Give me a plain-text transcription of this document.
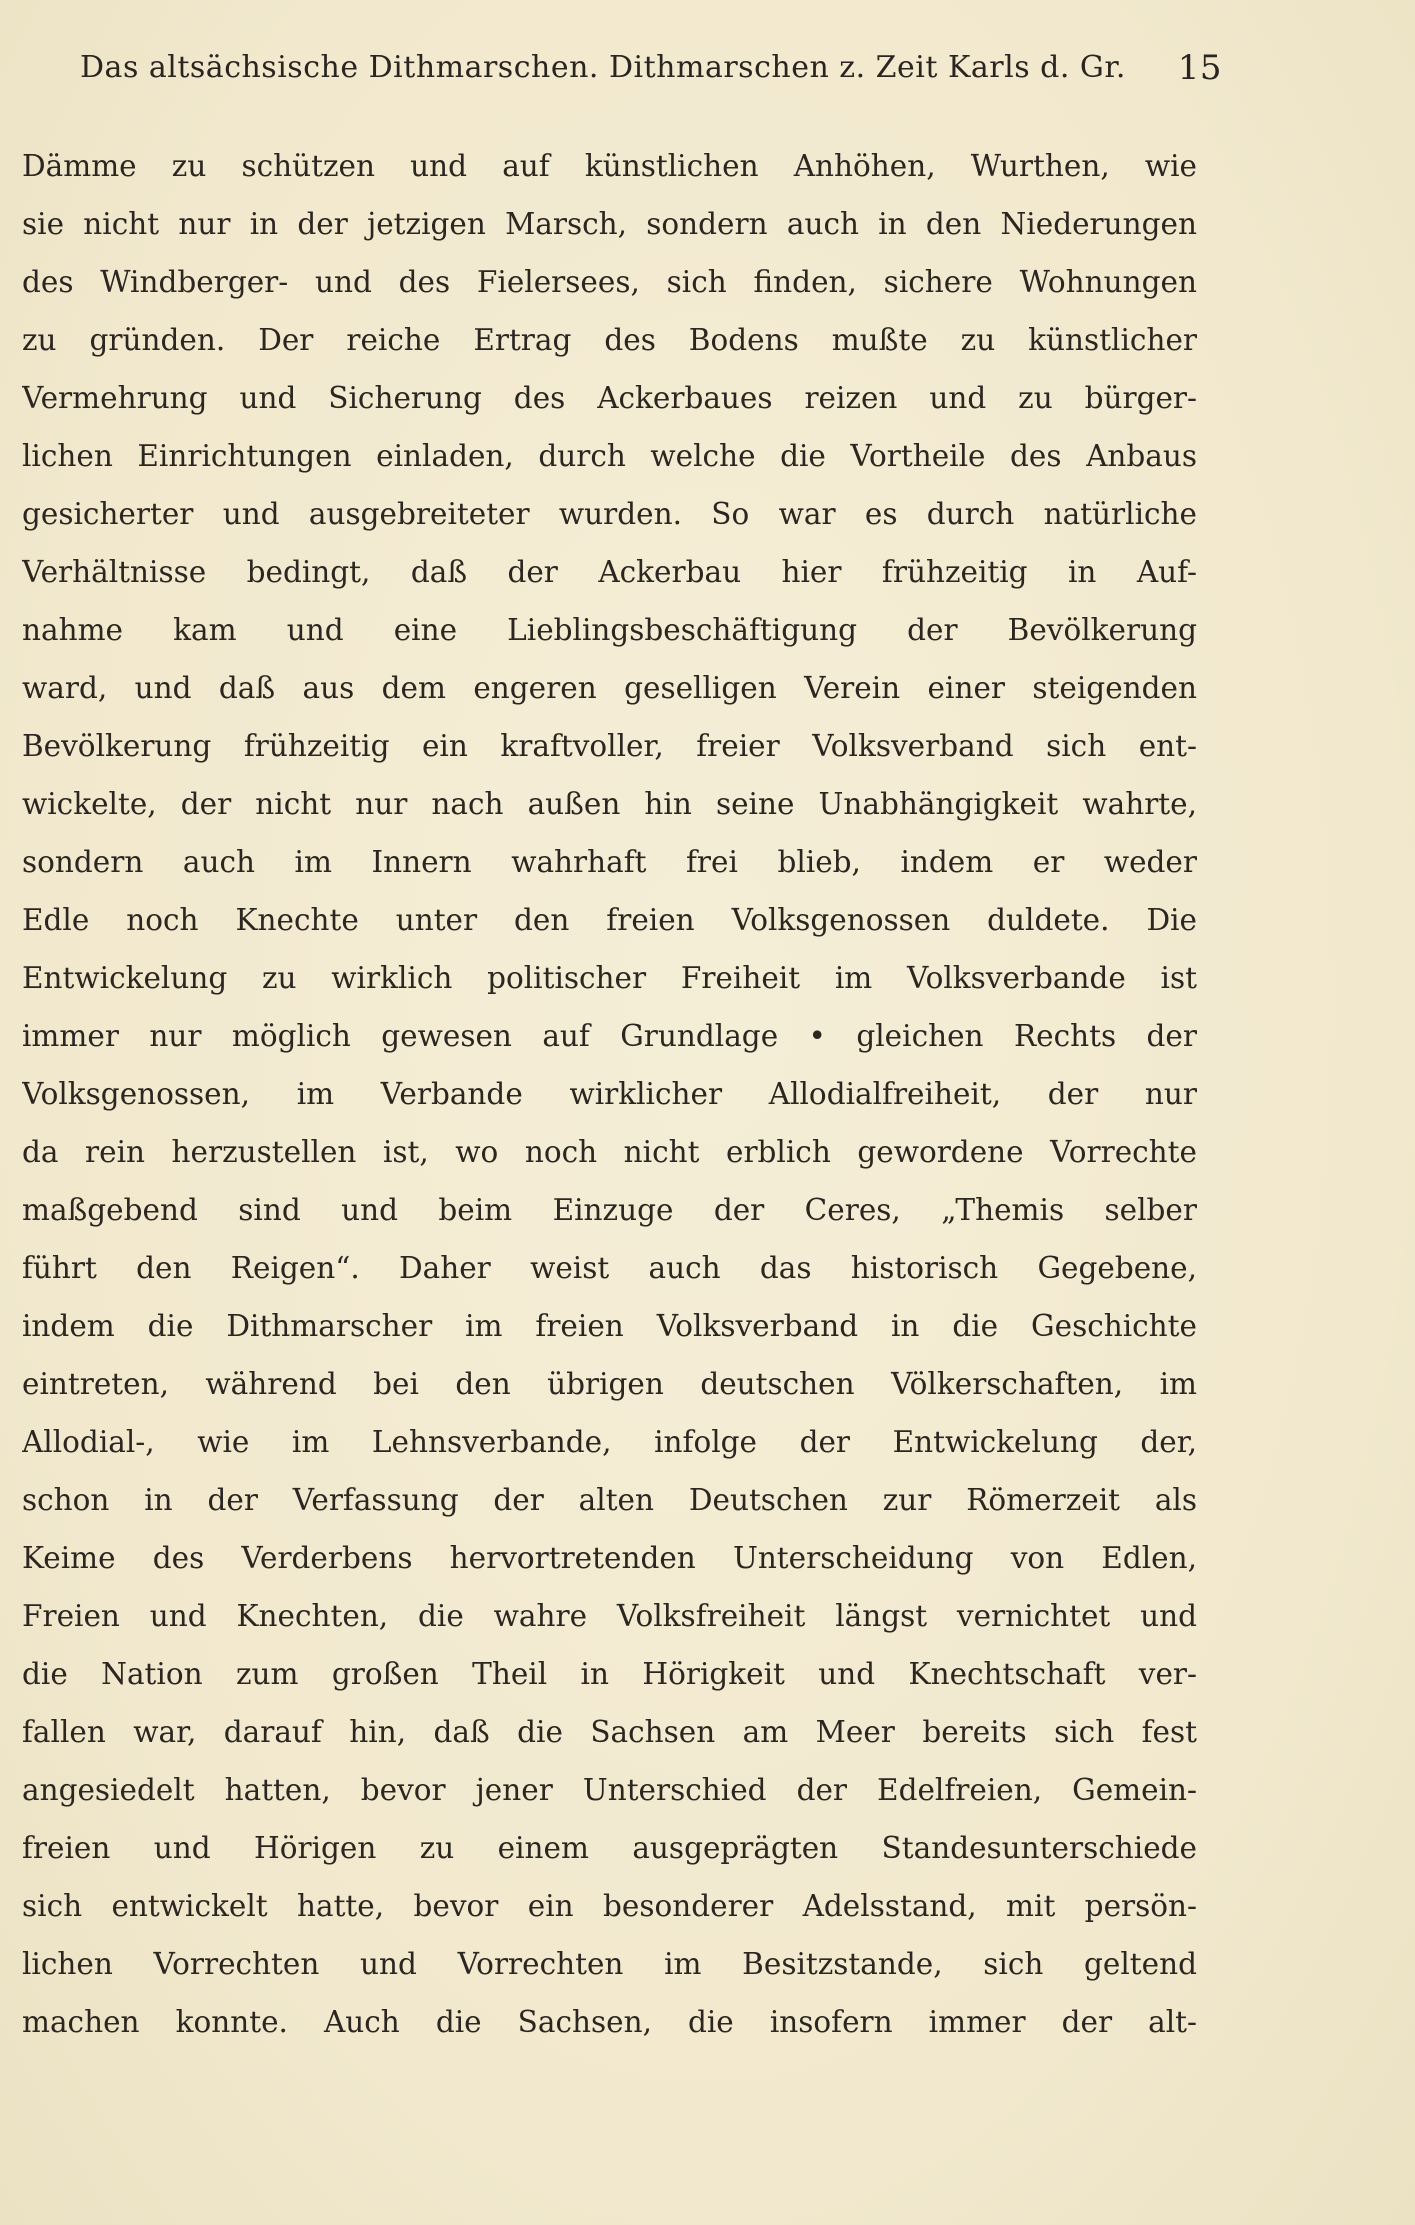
Das altsächsische Dithmarschen. Dithmarschen z. Zeit Karls d. Gr. 15
Dämme zu schützen und auf künstlichen Anhöhen, Wurthen, wie
sie nicht nur in der jetzigen Marsch, sondern auch in den Niederungen
des Windberger- und des Fielersees, sich finden, sichere Wohnungen
zu gründen. Der reiche Ertrag des Bodens mußte zu künstlicher
Vermehrung und Sicherung des Ackerbaues reizen und zu bürger-
lichen Einrichtungen einladen, durch welche die Vortheile des Anbaus
gesicherter und ausgebreiteter wurden. So war es durch natürliche
Verhältnisse bedingt, daß der Ackerbau hier frühzeitig in Auf-
nahme kam und eine Lieblingsbeschäftigung der Bevölkerung
ward, und daß aus dem engeren geselligen Verein einer steigenden
Bevölkerung frühzeitig ein kraftvoller, freier Volksverband sich ent-
wickelte, der nicht nur nach außen hin seine Unabhängigkeit wahrte,
sondern auch im Innern wahrhaft frei blieb, indem er weder
Edle noch Knechte unter den freien Volksgenossen duldete. Die
Entwickelung zu wirklich politischer Freiheit im Volksverbande ist
immer nur möglich gewesen auf Grundlage • gleichen Rechts der
Volksgenossen, im Verbande wirklicher Allodialfreiheit, der nur
da rein herzustellen ist, wo noch nicht erblich gewordene Vorrechte
maßgebend sind und beim Einzuge der Ceres, „Themis selber
führt den Reigen“. Daher weist auch das historisch Gegebene,
indem die Dithmarscher im freien Volksverband in die Geschichte
eintreten, während bei den übrigen deutschen Völkerschaften, im
Allodial-, wie im Lehnsverbande, infolge der Entwickelung der,
schon in der Verfassung der alten Deutschen zur Römerzeit als
Keime des Verderbens hervortretenden Unterscheidung von Edlen,
Freien und Knechten, die wahre Volksfreiheit längst vernichtet und
die Nation zum großen Theil in Hörigkeit und Knechtschaft ver-
fallen war, darauf hin, daß die Sachsen am Meer bereits sich fest
angesiedelt hatten, bevor jener Unterschied der Edelfreien, Gemein-
freien und Hörigen zu einem ausgeprägten Standesunterschiede
sich entwickelt hatte, bevor ein besonderer Adelsstand, mit persön-
lichen Vorrechten und Vorrechten im Besitzstande, sich geltend
machen konnte. Auch die Sachsen, die insofern immer der alt-
